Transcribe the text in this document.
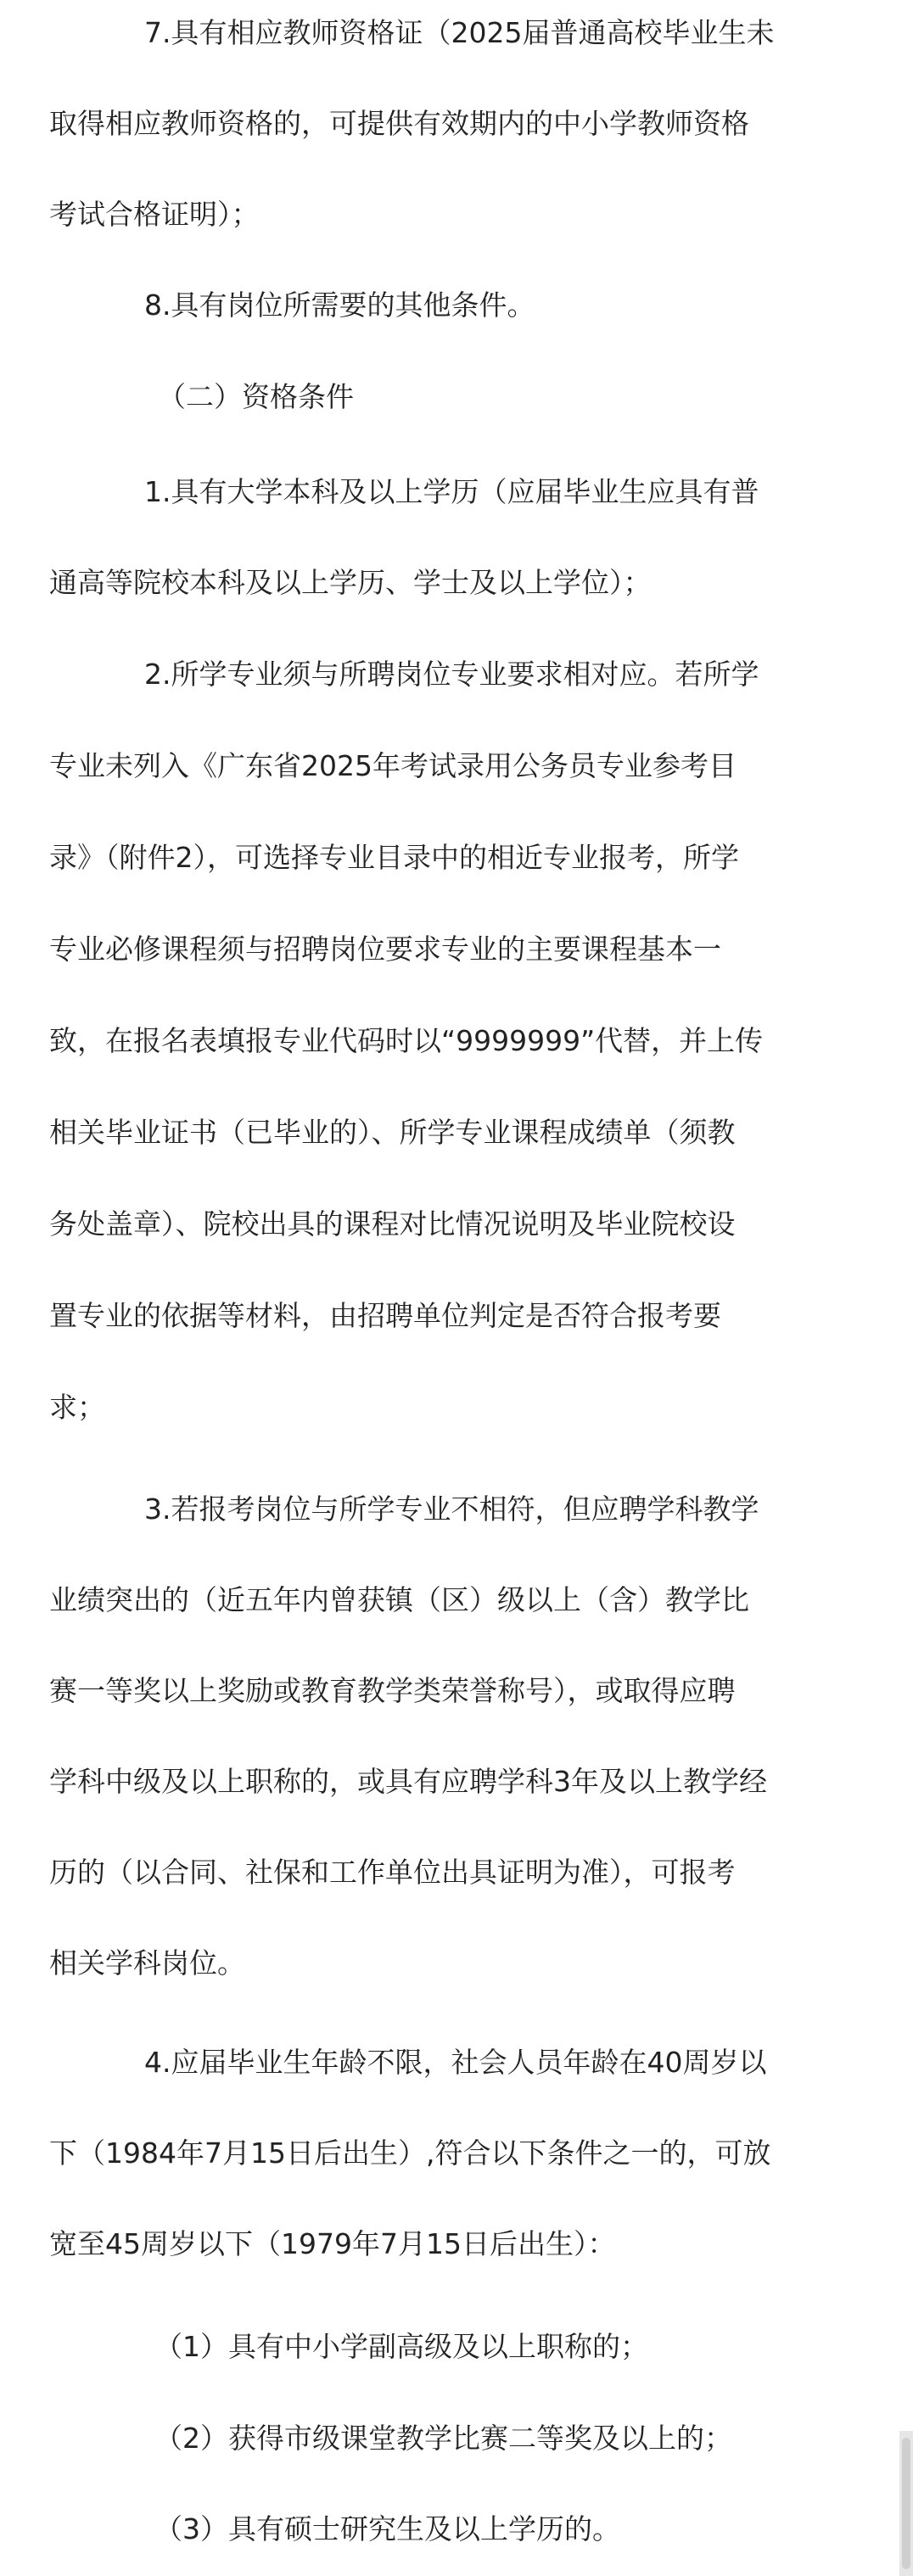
7.具有相应教师资格证（2025届普通高校毕业生未
取得相应教师资格的，可提供有效期内的中小学教师资格
考试合格证明）；
8.具有岗位所需要的其他条件。
（二）资格条件
1.具有大学本科及以上学历（应届毕业生应具有普
通高等院校本科及以上学历、学士及以上学位）；
2.所学专业须与所聘岗位专业要求相对应。若所学
专业未列入《广东省2025年考试录用公务员专业参考目
录》（附件2），可选择专业目录中的相近专业报考，所学
专业必修课程须与招聘岗位要求专业的主要课程基本一
致，在报名表填报专业代码时以“9999999”代替，并上传
相关毕业证书（已毕业的）、所学专业课程成绩单（须教
务处盖章）、院校出具的课程对比情况说明及毕业院校设
置专业的依据等材料，由招聘单位判定是否符合报考要
求；
3.若报考岗位与所学专业不相符，但应聘学科教学
业绩突出的（近五年内曾获镇（区）级以上（含）教学比
赛一等奖以上奖励或教育教学类荣誉称号），或取得应聘
学科中级及以上职称的，或具有应聘学科3年及以上教学经
历的（以合同、社保和工作单位出具证明为准），可报考
相关学科岗位。
4.应届毕业生年龄不限，社会人员年龄在40周岁以
下（1984年7月15日后出生）,符合以下条件之一的，可放
宽至45周岁以下（1979年7月15日后出生）：
（1）具有中小学副高级及以上职称的；
（2）获得市级课堂教学比赛二等奖及以上的；
（3）具有硕士研究生及以上学历的。
